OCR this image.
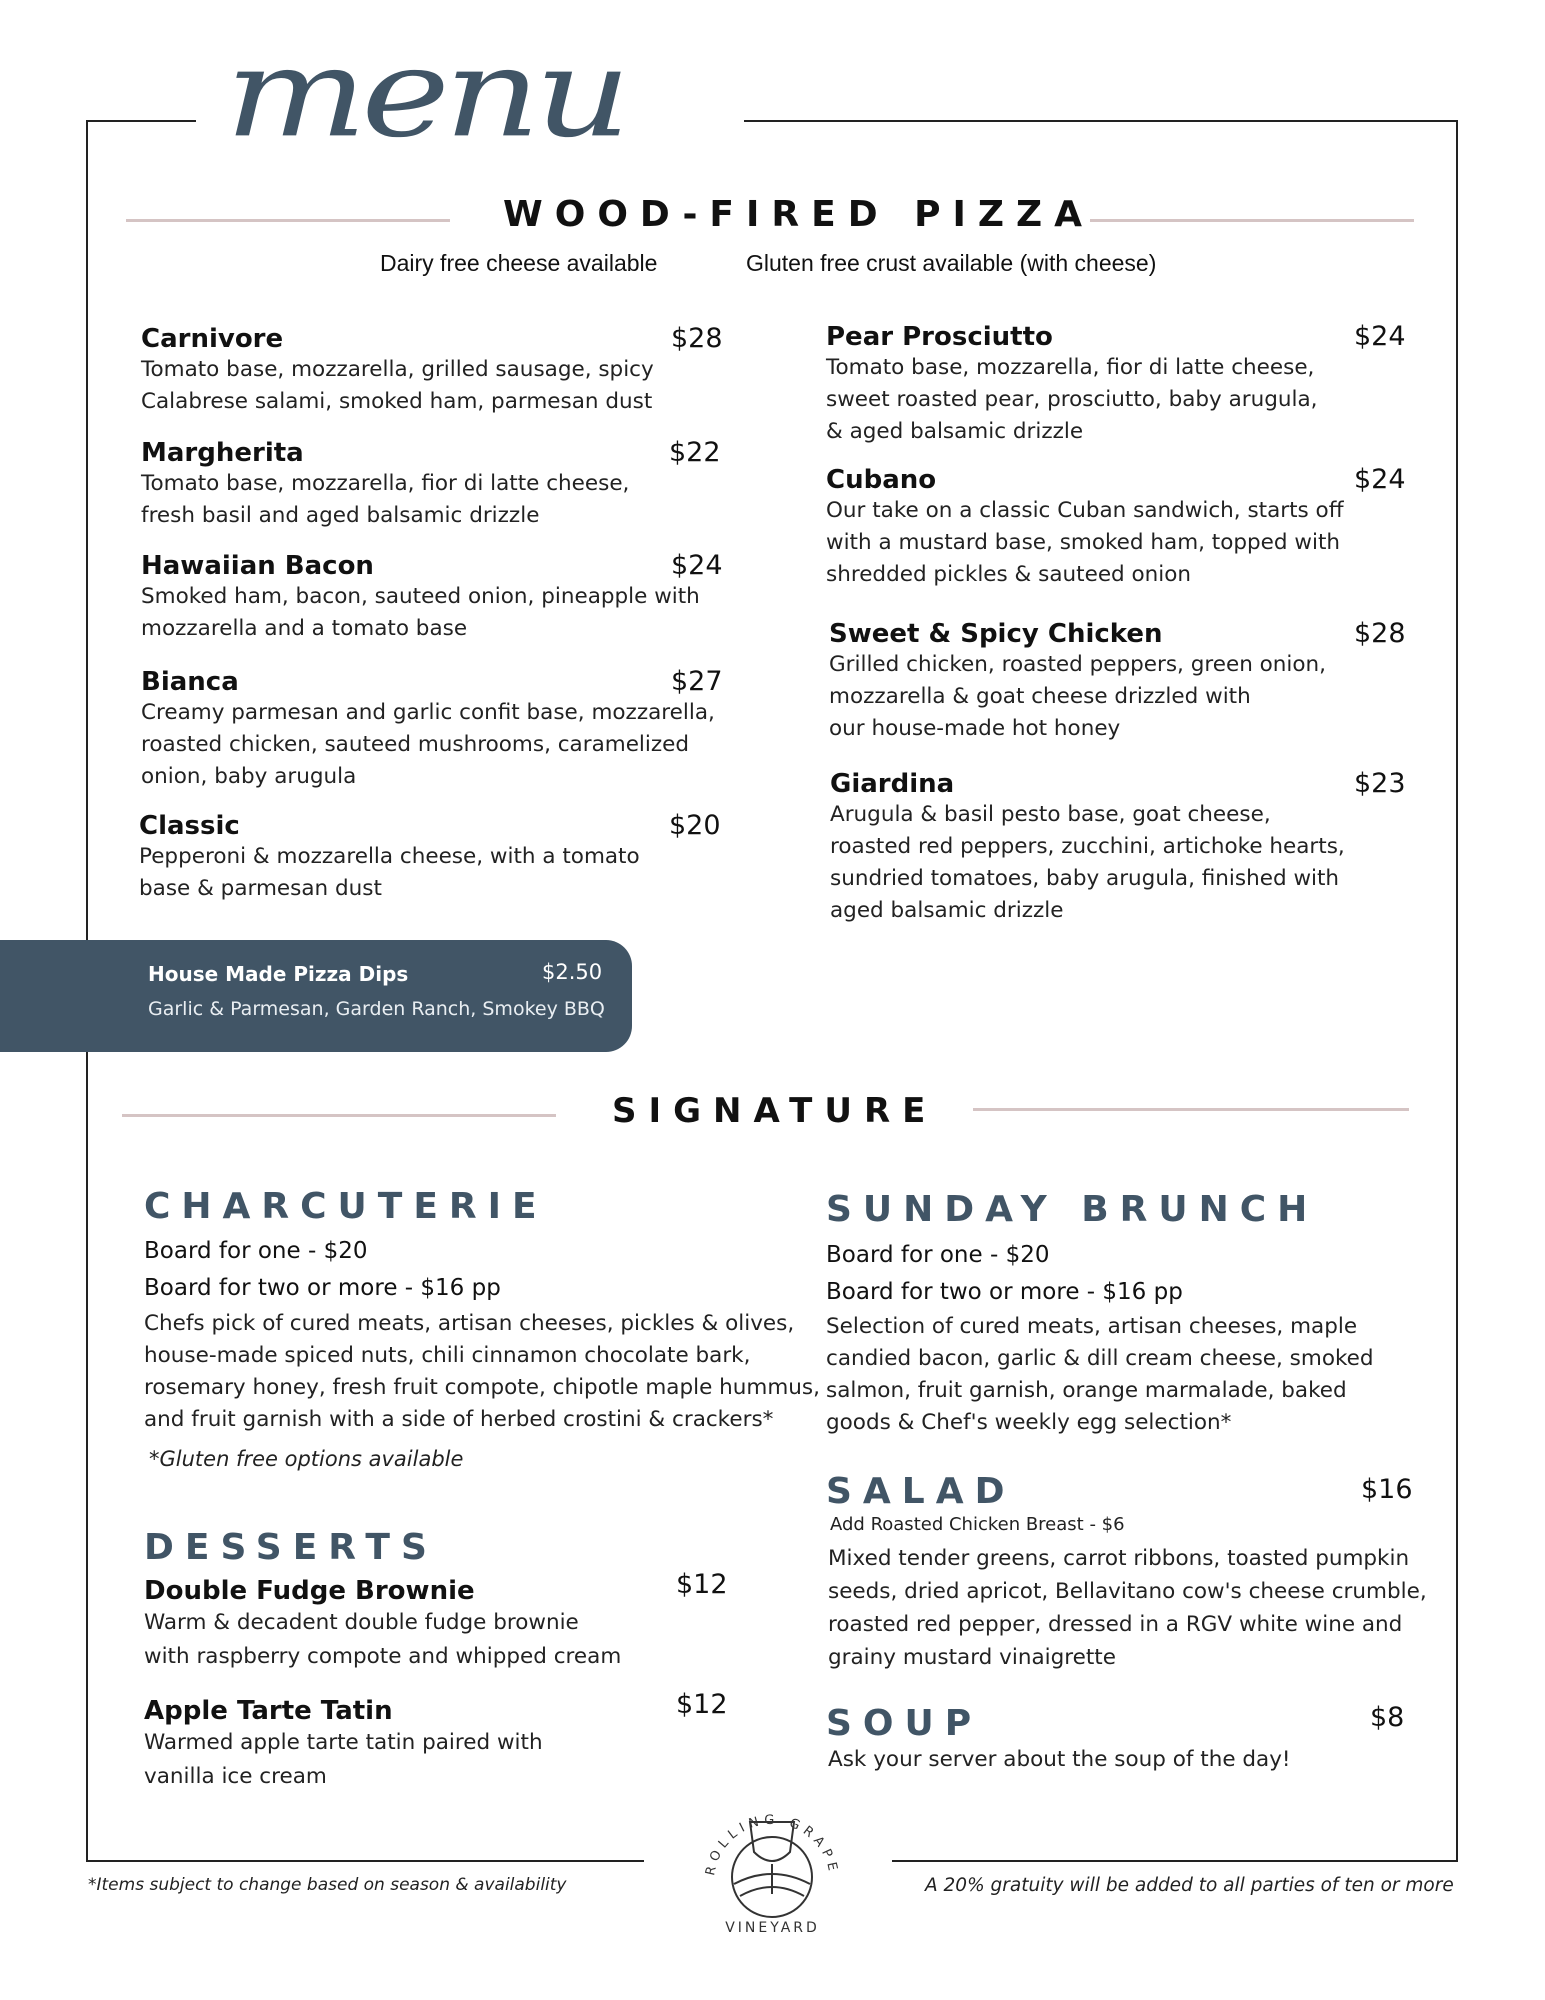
menu
WOOD-FIRED PIZZA

Dairy free cheese available	Gluten free crust available (with cheese)

Carnivore	$28
Tomato base, mozzarella, grilled sausage, spicy
Calabrese salami, smoked ham, parmesan dust
Margherita	$22
Tomato base, mozzarella, fior di latte cheese,
fresh basil and aged balsamic drizzle
Hawaiian Bacon	$24
Smoked ham, bacon, sauteed onion, pineapple with
mozzarella and a tomato base
Bianca	$27
Creamy parmesan and garlic confit base, mozzarella,
roasted chicken, sauteed mushrooms, caramelized
onion, baby arugula
Classic	$20
Pepperoni & mozzarella cheese, with a tomato
base & parmesan dust
Pear Prosciutto	$24
Tomato base, mozzarella, fior di latte cheese,
sweet roasted pear, prosciutto, baby arugula,
& aged balsamic drizzle
Cubano	$24
Our take on a classic Cuban sandwich, starts off
with a mustard base, smoked ham, topped with
shredded pickles & sauteed onion
Sweet & Spicy Chicken	$28
Grilled chicken, roasted peppers, green onion,
mozzarella & goat cheese drizzled with
our house-made hot honey
Giardina	$23
Arugula & basil pesto base, goat cheese,
roasted red peppers, zucchini, artichoke hearts,
sundried tomatoes, baby arugula, finished with
aged balsamic drizzle
House Made Pizza Dips	$2.50
Garlic & Parmesan, Garden Ranch, Smokey BBQ
SIGNATURE
CHARCUTERIE
Board for one - $20
Board for two or more - $16 pp
Chefs pick of cured meats, artisan cheeses, pickles & olives,
house-made spiced nuts, chili cinnamon chocolate bark,
rosemary honey, fresh fruit compote, chipotle maple hummus,
and fruit garnish with a side of herbed crostini & crackers*
*Gluten free options available
SUNDAY BRUNCH
Board for one - $20
Board for two or more - $16 pp
Selection of cured meats, artisan cheeses, maple
candied bacon, garlic & dill cream cheese, smoked
salmon, fruit garnish, orange marmalade, baked
goods & Chef's weekly egg selection*
DESSERTS
Double Fudge Brownie	$12
Warm & decadent double fudge brownie
with raspberry compote and whipped cream
Apple Tarte Tatin	$12
Warmed apple tarte tatin paired with
vanilla ice cream
SALAD	$16
Add Roasted Chicken Breast - $6
Mixed tender greens, carrot ribbons, toasted pumpkin
seeds, dried apricot, Bellavitano cow's cheese crumble,
roasted red pepper, dressed in a RGV white wine and
grainy mustard vinaigrette
SOUP	$8
Ask your server about the soup of the day!
ROLLING GRAPE
VINEYARD
*Items subject to change based on season & availability	A 20% gratuity will be added to all parties of ten or more
